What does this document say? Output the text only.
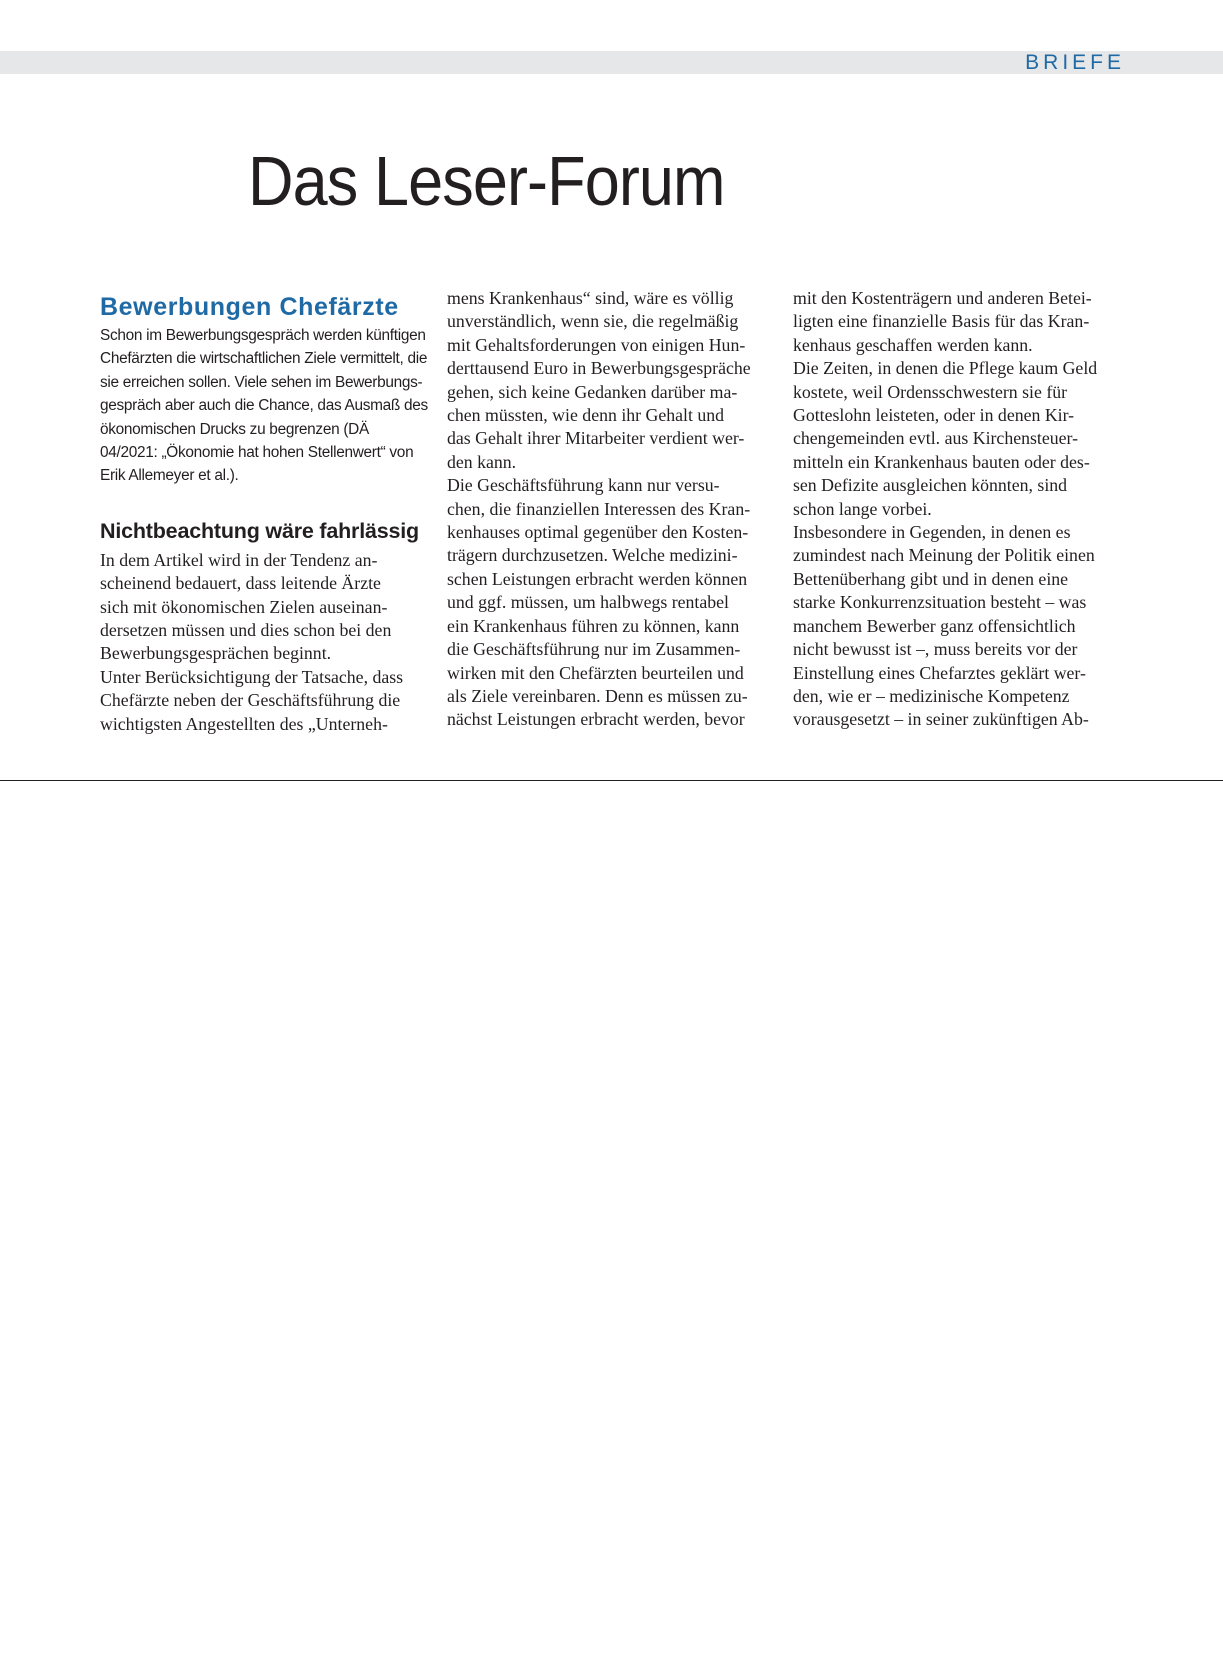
BRIEFE
Das Leser-Forum
Bewerbungen Chefärzte
Schon im Bewerbungsgespräch werden künftigen
Chefärzten die wirtschaftlichen Ziele vermittelt, die
sie erreichen sollen. Viele sehen im Bewerbungs-
gespräch aber auch die Chance, das Ausmaß des
ökonomischen Drucks zu begrenzen (DÄ
04/2021: „Ökonomie hat hohen Stellenwert“ von
Erik Allemeyer et al.).
Nichtbeachtung wäre fahrlässig
In dem Artikel wird in der Tendenz an-
scheinend bedauert, dass leitende Ärzte
sich mit ökonomischen Zielen auseinan-
dersetzen müssen und dies schon bei den
Bewerbungsgesprächen beginnt.
Unter Berücksichtigung der Tatsache, dass
Chefärzte neben der Geschäftsführung die
wichtigsten Angestellten des „Unterneh-
mens Krankenhaus“ sind, wäre es völlig
unverständlich, wenn sie, die regelmäßig
mit Gehaltsforderungen von einigen Hun-
derttausend Euro in Bewerbungsgespräche
gehen, sich keine Gedanken darüber ma-
chen müssten, wie denn ihr Gehalt und
das Gehalt ihrer Mitarbeiter verdient wer-
den kann.
Die Geschäftsführung kann nur versu-
chen, die finanziellen Interessen des Kran-
kenhauses optimal gegenüber den Kosten-
trägern durchzusetzen. Welche medizini-
schen Leistungen erbracht werden können
und ggf. müssen, um halbwegs rentabel
ein Krankenhaus führen zu können, kann
die Geschäftsführung nur im Zusammen-
wirken mit den Chefärzten beurteilen und
als Ziele vereinbaren. Denn es müssen zu-
nächst Leistungen erbracht werden, bevor
mit den Kostenträgern und anderen Betei-
ligten eine finanzielle Basis für das Kran-
kenhaus geschaffen werden kann.
Die Zeiten, in denen die Pflege kaum Geld
kostete, weil Ordensschwestern sie für
Gotteslohn leisteten, oder in denen Kir-
chengemeinden evtl. aus Kirchensteuer-
mitteln ein Krankenhaus bauten oder des-
sen Defizite ausgleichen könnten, sind
schon lange vorbei.
Insbesondere in Gegenden, in denen es
zumindest nach Meinung der Politik einen
Bettenüberhang gibt und in denen eine
starke Konkurrenzsituation besteht – was
manchem Bewerber ganz offensichtlich
nicht bewusst ist –, muss bereits vor der
Einstellung eines Chefarztes geklärt wer-
den, wie er – medizinische Kompetenz
vorausgesetzt – in seiner zukünftigen Ab-
